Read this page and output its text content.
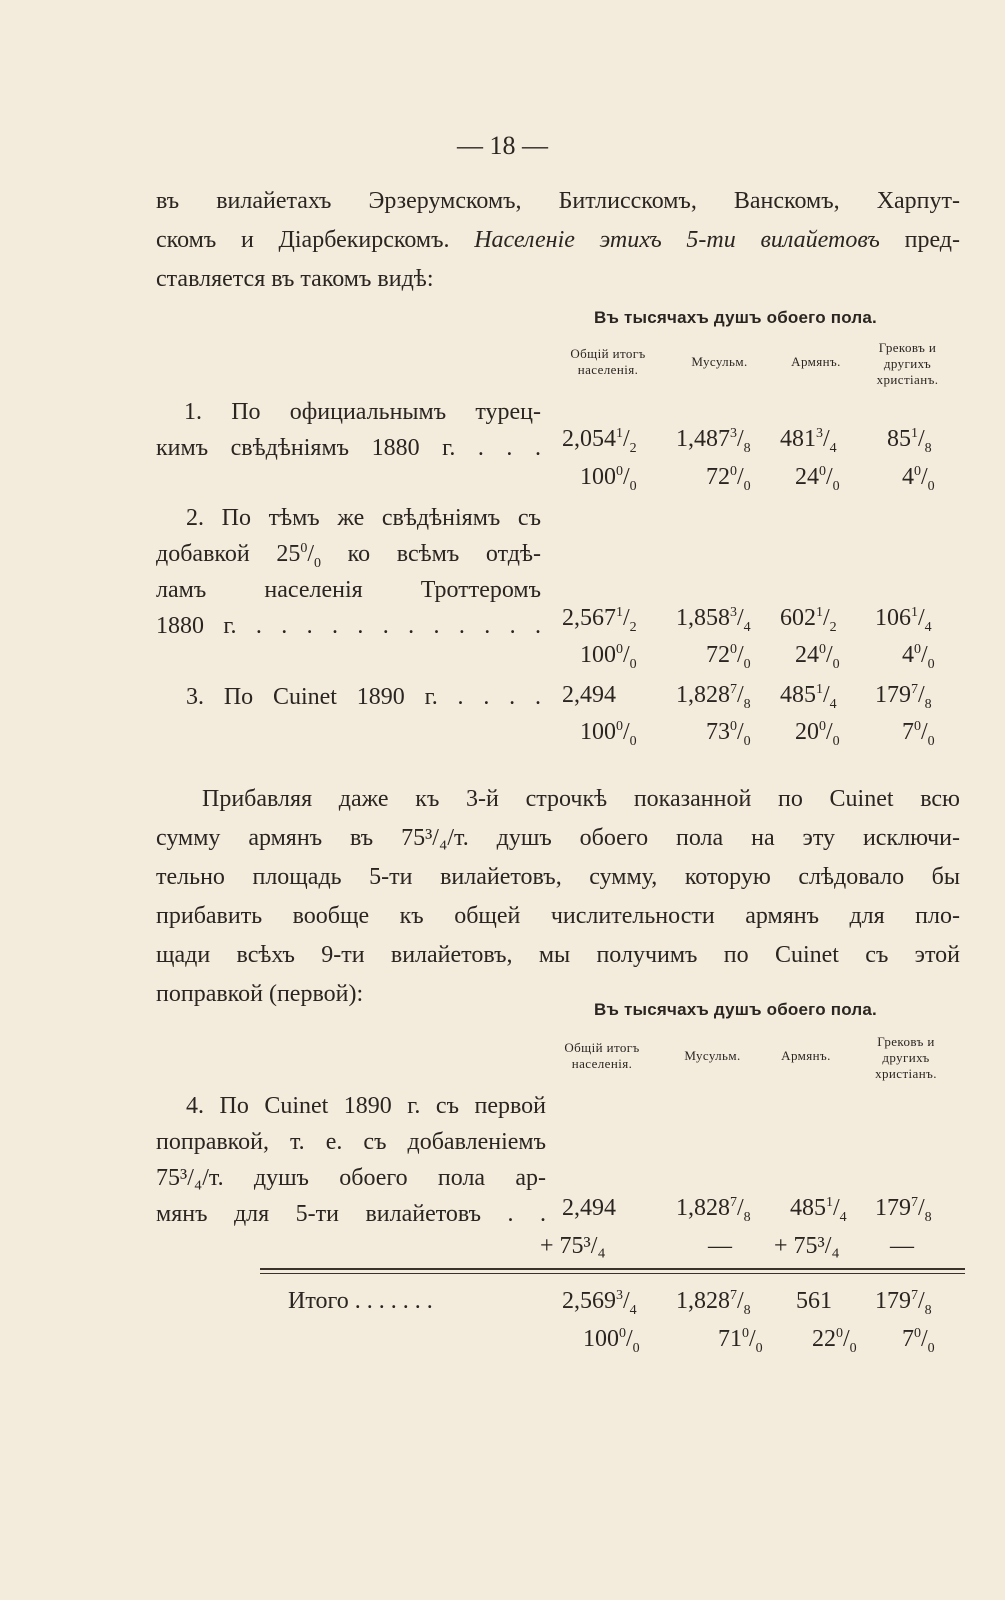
— 18 —
въ вилайетахъ Эрзерумскомъ, Битлисскомъ, Ванскомъ, Харпут-
скомъ и Діарбекирскомъ. Населеніе этихъ 5-ти вилайетовъ пред-
ставляется въ такомъ видѣ:
Въ тысячахъ душъ обоего пола.
Общій итогъ
населенія.
Мусульм.	Армянъ.
Грековъ и
другихъ
христіанъ.
1. По официальнымъ турец-
кимъ свѣдѣніямъ 1880 г. . . . $2,054^1/_2$ $1,487^3/_8$ $481^3/_4$ $85^1/_8$
$100^0/_0$	$72^0/_0$ $24^0/_0$	$4^0/_0$
2. По тѣмъ же свѣдѣніямъ съ
добавкой $25^0/_0$ ко всѣмъ отдѣ-
ламъ населенія Троттеромъ
1880 г. . . . . . . . . . . . . $2,567^1/_2$ $1,858^3/_4$ $602^1/_2$ $106^1/_4$
$100^0/_0$	$72^0/_0$ $24^0/_0$	$4^0/_0$
3. По Cuinet 1890 г. . . . . 2,494	$1,828^7/_8$ $485^1/_4$ $179^7/_8$
$100^0/_0$	$73^0/_0$ $20^0/_0$	$7^0/_0$
Прибавляя даже къ 3-й строчкѣ показанной по Cuinet всю
сумму армянъ въ 75³/₄/т. душъ обоего пола на эту исключи-
тельно площадь 5-ти вилайетовъ, сумму, которую слѣдовало бы
прибавить вообще къ общей числительности армянъ для пло-
щади всѣхъ 9-ти вилайетовъ, мы получимъ по Cuinet съ этой
поправкой (первой):
Въ тысячахъ душъ обоего пола.
Общій итогъ
населенія.
Мусульм.	Армянъ.
Грековъ и
другихъ
христіанъ.
4. По Cuinet 1890 г. съ первой
поправкой, т. е. съ добавленіемъ
75³/₄/т. душъ обоего пола ар-
мянъ для 5-ти вилайетовъ . . 2,494	$1,828^7/_8$ $485^1/_4$ $179^7/_8$
+ 75³/₄	— + 75³/₄ —
Итого . . . . . . .	$2,569^3/_4$ $1,828^7/_8$ 561 $179^7/_8$
$100^0/_0$	$71^0/_0$ $22^0/_0$ $7^0/_0$
